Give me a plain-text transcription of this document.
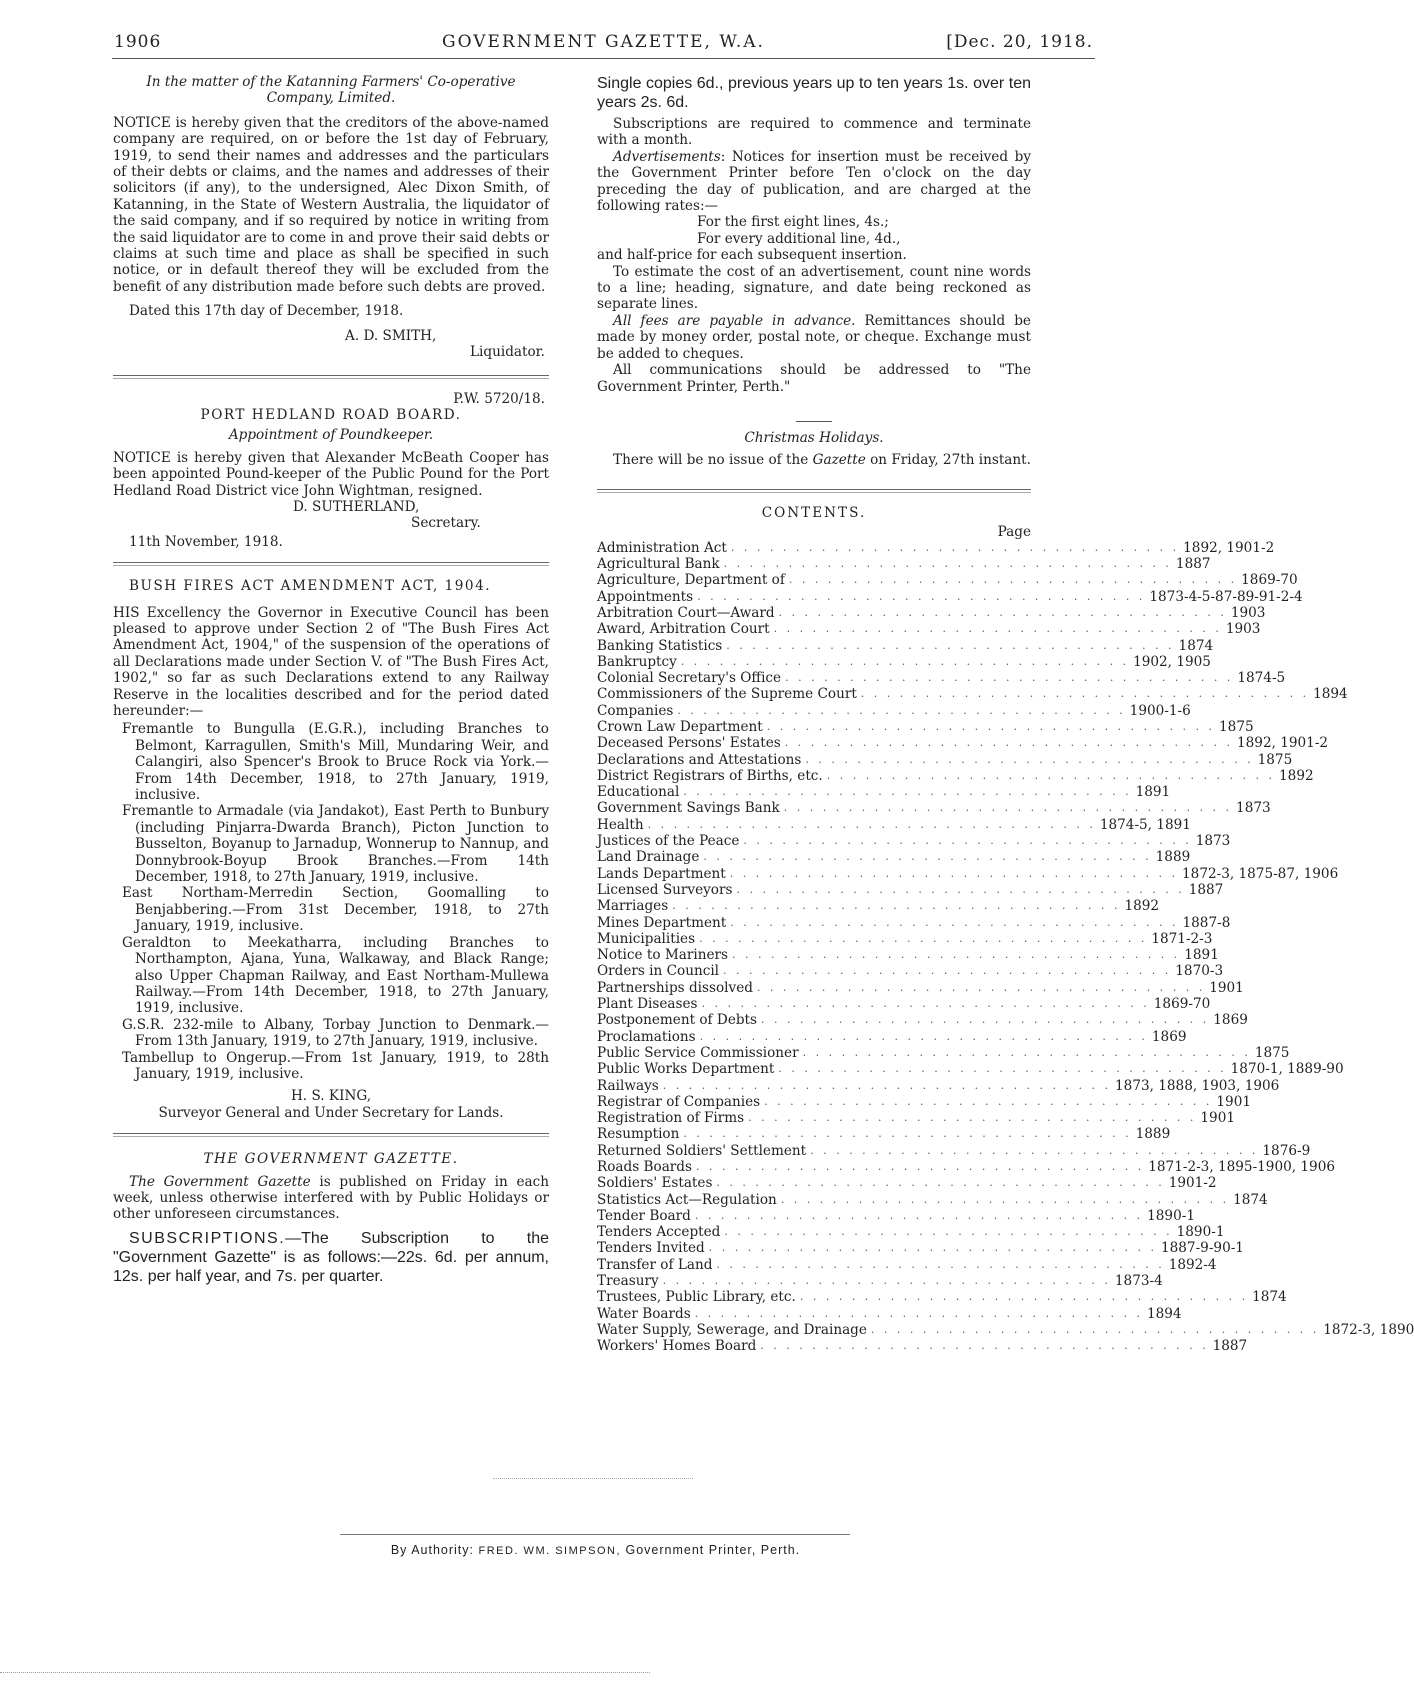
1906	GOVERNMENT GAZETTE, W.A.	[Dec. 20, 1918.

In the matter of the Katanning Farmers' Co-operative

Company, Limited.

NOTICE is hereby given that the creditors of the above-named company are required, on or before the 1st day of February, 1919, to send their names and addresses and the particulars of their debts or claims, and the names and addresses of their solicitors (if any), to the undersigned, Alec Dixon Smith, of Katanning, in the State of Western Australia, the liquidator of the said company, and if so required by notice in writing from the said liquidator are to come in and prove their said debts or claims at such time and place as shall be specified in such notice, or in default thereof they will be excluded from the benefit of any distribution made before such debts are proved.

Dated this 17th day of December, 1918.

A. D. SMITH,

Liquidator.

P.W. 5720/18.

PORT HEDLAND ROAD BOARD.

Appointment of Poundkeeper.

NOTICE is hereby given that Alexander McBeath Cooper has been appointed Pound-keeper of the Public Pound for the Port Hedland Road District vice John Wightman, resigned.

D. SUTHERLAND,

Secretary.

11th November, 1918.

BUSH FIRES ACT AMENDMENT ACT, 1904.

HIS Excellency the Governor in Executive Council has been pleased to approve under Section 2 of "The Bush Fires Act Amendment Act, 1904," of the suspension of the operations of all Declarations made under Section V. of "The Bush Fires Act, 1902," so far as such Declarations extend to any Railway Reserve in the localities described and for the period dated hereunder:—

Fremantle to Bungulla (E.G.R.), including Branches to Belmont, Karragullen, Smith's Mill, Mundaring Weir, and Calangiri, also Spencer's Brook to Bruce Rock via York.—From 14th December, 1918, to 27th January, 1919, inclusive.

Fremantle to Armadale (via Jandakot), East Perth to Bunbury (including Pinjarra-Dwarda Branch), Picton Junction to Busselton, Boyanup to Jarnadup, Wonnerup to Nannup, and Donnybrook-Boyup Brook Branches.—From 14th December, 1918, to 27th January, 1919, inclusive.

East Northam-Merredin Section, Goomalling to Benjabbering.—From 31st December, 1918, to 27th January, 1919, inclusive.

Geraldton to Meekatharra, including Branches to Northampton, Ajana, Yuna, Walkaway, and Black Range; also Upper Chapman Railway, and East Northam-Mullewa Railway.—From 14th December, 1918, to 27th January, 1919, inclusive.

G.S.R. 232-mile to Albany, Torbay Junction to Denmark.—From 13th January, 1919, to 27th January, 1919, inclusive.

Tambellup to Ongerup.—From 1st January, 1919, to 28th January, 1919, inclusive.

H. S. KING,

Surveyor General and Under Secretary for Lands.

THE GOVERNMENT GAZETTE.

The Government Gazette is published on Friday in each week, unless otherwise interfered with by Public Holidays or other unforeseen circumstances.

SUBSCRIPTIONS.—The Subscription to the "Government Gazette" is as follows:—22s. 6d. per annum, 12s. per half year, and 7s. per quarter.

Single copies 6d., previous years up to ten years 1s. over ten years 2s. 6d.

Subscriptions are required to commence and terminate with a month.

Advertisements: Notices for insertion must be received by the Government Printer before Ten o'clock on the day preceding the day of publication, and are charged at the following rates:—

For the first eight lines, 4s.;

For every additional line, 4d.,

and half-price for each subsequent insertion.

To estimate the cost of an advertisement, count nine words to a line; heading, signature, and date being reckoned as separate lines.

All fees are payable in advance. Remittances should be made by money order, postal note, or cheque. Exchange must be added to cheques.

All communications should be addressed to "The Government Printer, Perth."

Christmas Holidays.

There will be no issue of the Gazette on Friday, 27th instant.

CONTENTS.

Page

Administration Act . . . . . . . . . . . . . . . . . . . . . . . . . . . . . . . . . . . 1892, 1901-2
Agricultural Bank . . . . . . . . . . . . . . . . . . . . . . . . . . . . . . . . . . . 1887
Agriculture, Department of . . . . . . . . . . . . . . . . . . . . . . . . . . . . . . . . . . . 1869-70
Appointments . . . . . . . . . . . . . . . . . . . . . . . . . . . . . . . . . . . 1873-4-5-87-89-91-2-4
Arbitration Court—Award . . . . . . . . . . . . . . . . . . . . . . . . . . . . . . . . . . . 1903
Award, Arbitration Court . . . . . . . . . . . . . . . . . . . . . . . . . . . . . . . . . . . 1903
Banking Statistics . . . . . . . . . . . . . . . . . . . . . . . . . . . . . . . . . . . 1874
Bankruptcy . . . . . . . . . . . . . . . . . . . . . . . . . . . . . . . . . . . 1902, 1905
Colonial Secretary's Office . . . . . . . . . . . . . . . . . . . . . . . . . . . . . . . . . . . 1874-5
Commissioners of the Supreme Court . . . . . . . . . . . . . . . . . . . . . . . . . . . . . . . . . . . 1894
Companies . . . . . . . . . . . . . . . . . . . . . . . . . . . . . . . . . . . 1900-1-6
Crown Law Department . . . . . . . . . . . . . . . . . . . . . . . . . . . . . . . . . . . 1875
Deceased Persons' Estates . . . . . . . . . . . . . . . . . . . . . . . . . . . . . . . . . . . 1892, 1901-2
Declarations and Attestations . . . . . . . . . . . . . . . . . . . . . . . . . . . . . . . . . . . 1875
District Registrars of Births, etc. . . . . . . . . . . . . . . . . . . . . . . . . . . . . . . . . . . . 1892
Educational . . . . . . . . . . . . . . . . . . . . . . . . . . . . . . . . . . . 1891
Government Savings Bank . . . . . . . . . . . . . . . . . . . . . . . . . . . . . . . . . . . 1873
Health . . . . . . . . . . . . . . . . . . . . . . . . . . . . . . . . . . . 1874-5, 1891
Justices of the Peace . . . . . . . . . . . . . . . . . . . . . . . . . . . . . . . . . . . 1873
Land Drainage . . . . . . . . . . . . . . . . . . . . . . . . . . . . . . . . . . . 1889
Lands Department . . . . . . . . . . . . . . . . . . . . . . . . . . . . . . . . . . . 1872-3, 1875-87, 1906
Licensed Surveyors . . . . . . . . . . . . . . . . . . . . . . . . . . . . . . . . . . . 1887
Marriages . . . . . . . . . . . . . . . . . . . . . . . . . . . . . . . . . . . 1892
Mines Department . . . . . . . . . . . . . . . . . . . . . . . . . . . . . . . . . . . 1887-8
Municipalities . . . . . . . . . . . . . . . . . . . . . . . . . . . . . . . . . . . 1871-2-3
Notice to Mariners . . . . . . . . . . . . . . . . . . . . . . . . . . . . . . . . . . . 1891
Orders in Council . . . . . . . . . . . . . . . . . . . . . . . . . . . . . . . . . . . 1870-3
Partnerships dissolved . . . . . . . . . . . . . . . . . . . . . . . . . . . . . . . . . . . 1901
Plant Diseases . . . . . . . . . . . . . . . . . . . . . . . . . . . . . . . . . . . 1869-70
Postponement of Debts . . . . . . . . . . . . . . . . . . . . . . . . . . . . . . . . . . . 1869
Proclamations . . . . . . . . . . . . . . . . . . . . . . . . . . . . . . . . . . . 1869
Public Service Commissioner . . . . . . . . . . . . . . . . . . . . . . . . . . . . . . . . . . . 1875
Public Works Department . . . . . . . . . . . . . . . . . . . . . . . . . . . . . . . . . . . 1870-1, 1889-90
Railways . . . . . . . . . . . . . . . . . . . . . . . . . . . . . . . . . . . 1873, 1888, 1903, 1906
Registrar of Companies . . . . . . . . . . . . . . . . . . . . . . . . . . . . . . . . . . . 1901
Registration of Firms . . . . . . . . . . . . . . . . . . . . . . . . . . . . . . . . . . . 1901
Resumption . . . . . . . . . . . . . . . . . . . . . . . . . . . . . . . . . . . 1889
Returned Soldiers' Settlement . . . . . . . . . . . . . . . . . . . . . . . . . . . . . . . . . . . 1876-9
Roads Boards . . . . . . . . . . . . . . . . . . . . . . . . . . . . . . . . . . . 1871-2-3, 1895-1900, 1906
Soldiers' Estates . . . . . . . . . . . . . . . . . . . . . . . . . . . . . . . . . . . 1901-2
Statistics Act—Regulation . . . . . . . . . . . . . . . . . . . . . . . . . . . . . . . . . . . 1874
Tender Board . . . . . . . . . . . . . . . . . . . . . . . . . . . . . . . . . . . 1890-1
Tenders Accepted . . . . . . . . . . . . . . . . . . . . . . . . . . . . . . . . . . . 1890-1
Tenders Invited . . . . . . . . . . . . . . . . . . . . . . . . . . . . . . . . . . . 1887-9-90-1
Transfer of Land . . . . . . . . . . . . . . . . . . . . . . . . . . . . . . . . . . . 1892-4
Treasury . . . . . . . . . . . . . . . . . . . . . . . . . . . . . . . . . . . 1873-4
Trustees, Public Library, etc. . . . . . . . . . . . . . . . . . . . . . . . . . . . . . . . . . . . 1874
Water Boards . . . . . . . . . . . . . . . . . . . . . . . . . . . . . . . . . . . 1894
Water Supply, Sewerage, and Drainage . . . . . . . . . . . . . . . . . . . . . . . . . . . . . . . . . . . 1872-3, 1890
Workers' Homes Board . . . . . . . . . . . . . . . . . . . . . . . . . . . . . . . . . . . 1887
By Authority: FRED. WM. SIMPSON, Government Printer, Perth.
